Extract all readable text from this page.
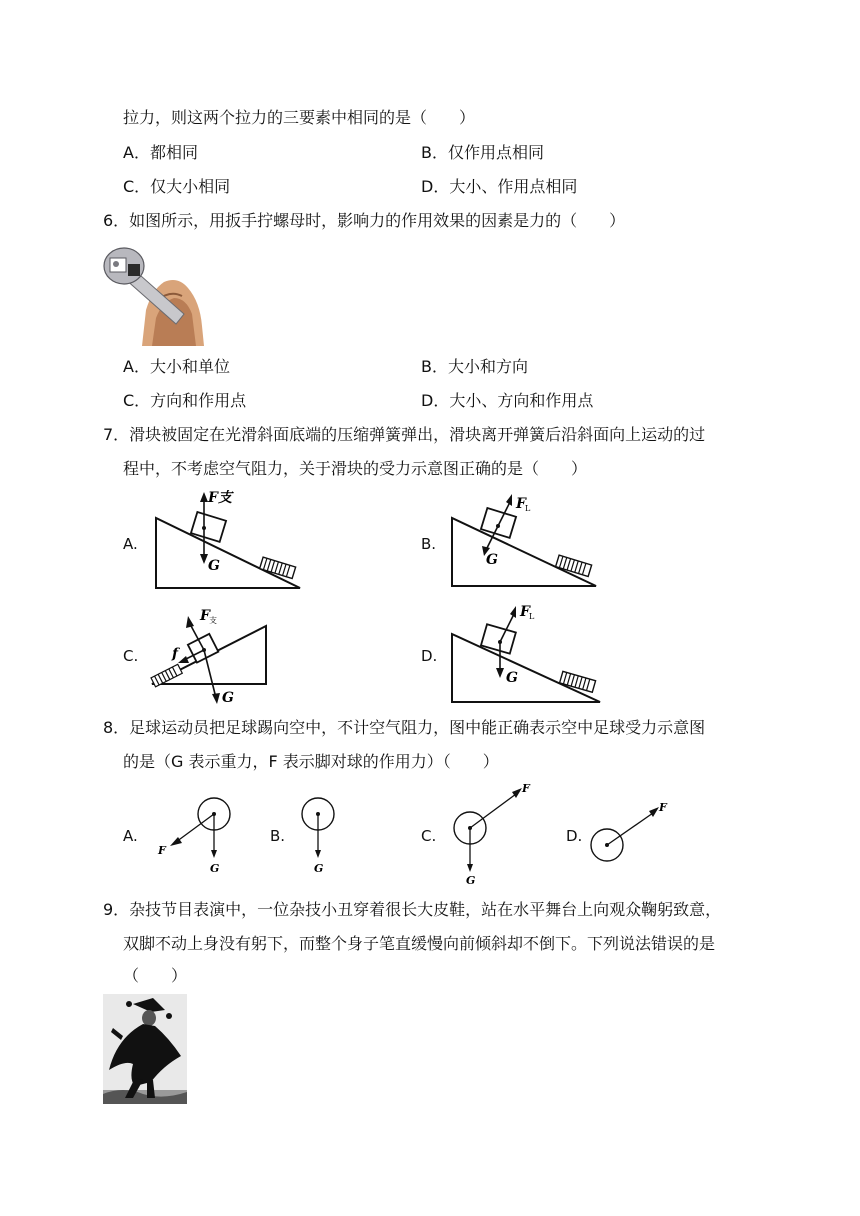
拉力，则这两个拉力的三要素中相同的是（　　）
A．都相同	B．仅作用点相同
C．仅大小相同	D．大小、作用点相同
6．如图所示，用扳手拧螺母时，影响力的作用效果的因素是力的（　　）
A．大小和单位	B．大小和方向
C．方向和作用点	D．大小、方向和作用点
7．滑块被固定在光滑斜面底端的压缩弹簧弹出，滑块离开弹簧后沿斜面向上运动的过
程中，不考虑空气阻力，关于滑块的受力示意图正确的是（　　）
A.
F支
G
B.
F L
G
C.
F 支
f
G
D.
F L
G
8．足球运动员把足球踢向空中，不计空气阻力，图中能正确表示空中足球受力示意图
的是（G 表示重力，F 表示脚对球的作用力）（　　）
A.
F
G
B.
G
C.
F
G
D.
F
9．杂技节目表演中，一位杂技小丑穿着很长大皮鞋，站在水平舞台上向观众鞠躬致意，
双脚不动上身没有躬下，而整个身子笔直缓慢向前倾斜却不倒下。下列说法错误的是
（　　）
